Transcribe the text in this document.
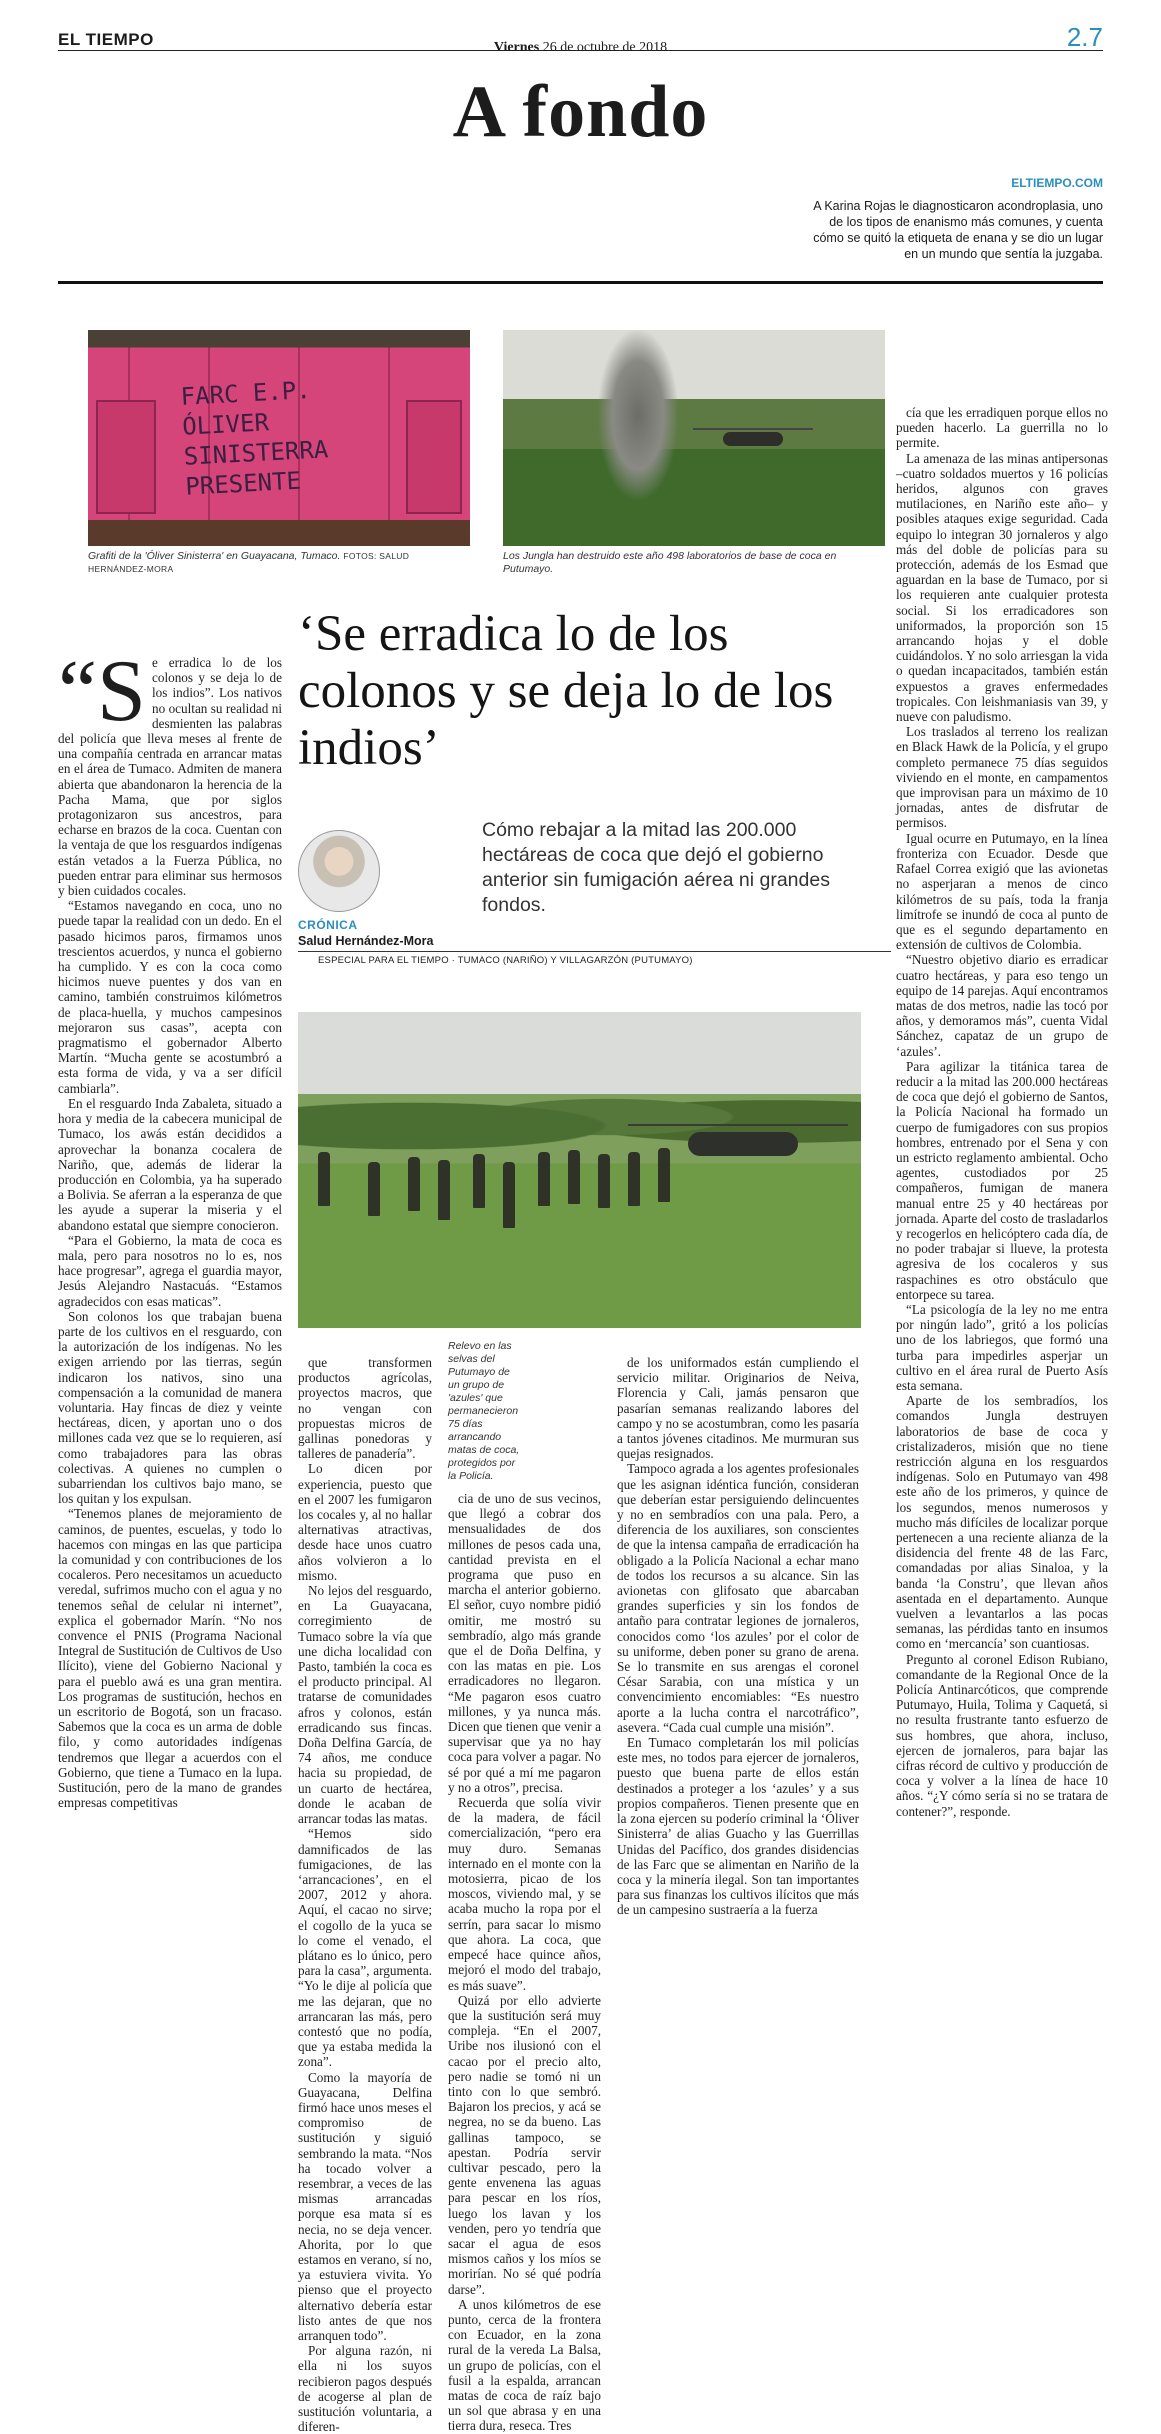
EL TIEMPO	Viernes 26 de octubre de 2018	2.7
A fondo
ELTIEMPO.COM
A Karina Rojas le diagnosticaron acondroplasia, uno de los tipos de enanismo más comunes, y cuenta cómo se quitó la etiqueta de enana y se dio un lugar en un mundo que sentía la juzgaba.
FARC E.P.
ÓLIVER
SINISTERRA
PRESENTE
Grafiti de la 'Óliver Sinisterra' en Guayacana, Tumaco. FOTOS: SALUD HERNÁNDEZ-MORA
Los Jungla han destruido este año 498 laboratorios de base de coca en Putumayo.
‘Se erradica lo de los colonos y se deja lo de los indios’
Cómo rebajar a la mitad las 200.000 hectáreas de coca que dejó el gobierno anterior sin fumigación aérea ni grandes fondos.
CRÓNICA
Salud Hernández-Mora
ESPECIAL PARA EL TIEMPO · TUMACO (NARIÑO) Y VILLAGARZÓN (PUTUMAYO)
“S e erradica lo de los colonos y se deja lo de los indios”. Los nativos no ocultan su realidad ni desmienten las palabras del policía que lleva meses al frente de una compañía centrada en arrancar matas en el área de Tumaco. Admiten de manera abierta que abandonaron la herencia de la Pacha Mama, que por siglos protagonizaron sus ancestros, para echarse en brazos de la coca. Cuentan con la ventaja de que los resguardos indígenas están vetados a la Fuerza Pública, no pueden entrar para eliminar sus hermosos y bien cuidados cocales.

“Estamos navegando en coca, uno no puede tapar la realidad con un dedo. En el pasado hicimos paros, firmamos unos trescientos acuerdos, y nunca el gobierno ha cumplido. Y es con la coca como hicimos nueve puentes y dos van en camino, también construimos kilómetros de placa-huella, y muchos campesinos mejoraron sus casas”, acepta con pragmatismo el gobernador Alberto Martín. “Mucha gente se acostumbró a esta forma de vida, y va a ser difícil cambiarla”.

En el resguardo Inda Zabaleta, situado a hora y media de la cabecera municipal de Tumaco, los awás están decididos a aprovechar la bonanza cocalera de Nariño, que, además de liderar la producción en Colombia, ya ha superado a Bolivia. Se aferran a la esperanza de que les ayude a superar la miseria y el abandono estatal que siempre conocieron.

“Para el Gobierno, la mata de coca es mala, pero para nosotros no lo es, nos hace progresar”, agrega el guardia mayor, Jesús Alejandro Nastacuás. “Estamos agradecidos con esas maticas”.

Son colonos los que trabajan buena parte de los cultivos en el resguardo, con la autorización de los indígenas. No les exigen arriendo por las tierras, según indicaron los nativos, sino una compensación a la comunidad de manera voluntaria. Hay fincas de diez y veinte hectáreas, dicen, y aportan uno o dos millones cada vez que se lo requieren, así como trabajadores para las obras colectivas. A quienes no cumplen o subarriendan los cultivos bajo mano, se los quitan y los expulsan.

“Tenemos planes de mejoramiento de caminos, de puentes, escuelas, y todo lo hacemos con mingas en las que participa la comunidad y con contribuciones de los cocaleros. Pero necesitamos un acueducto veredal, sufrimos mucho con el agua y no tenemos señal de celular ni internet”, explica el gobernador Marín. “No nos convence el PNIS (Programa Nacional Integral de Sustitución de Cultivos de Uso Ilícito), viene del Gobierno Nacional y para el pueblo awá es una gran mentira. Los programas de sustitución, hechos en un escritorio de Bogotá, son un fracaso. Sabemos que la coca es un arma de doble filo, y como autoridades indígenas tendremos que llegar a acuerdos con el Gobierno, que tiene a Tumaco en la lupa. Sustitución, pero de la mano de grandes empresas competitivas

que transformen productos agrícolas, proyectos macros, que no vengan con propuestas micros de gallinas ponedoras y talleres de panadería”.

Lo dicen por experiencia, puesto que en el 2007 les fumigaron los cocales y, al no hallar alternativas atractivas, desde hace unos cuatro años volvieron a lo mismo.

No lejos del resguardo, en La Guayacana, corregimiento de Tumaco sobre la vía que une dicha localidad con Pasto, también la coca es el producto principal. Al tratarse de comunidades afros y colonos, están erradicando sus fincas. Doña Delfina García, de 74 años, me conduce hacia su propiedad, de un cuarto de hectárea, donde le acaban de arrancar todas las matas.

“Hemos sido damnificados de las fumigaciones, de las ‘arrancaciones’, en el 2007, 2012 y ahora. Aquí, el cacao no sirve; el cogollo de la yuca se lo come el venado, el plátano es lo único, pero para la casa”, argumenta. “Yo le dije al policía que me las dejaran, que no arrancaran las más, pero contestó que no podía, que ya estaba medida la zona”.

Como la mayoría de Guayacana, Delfina firmó hace unos meses el compromiso de sustitución y siguió sembrando la mata. “Nos ha tocado volver a resembrar, a veces de las mismas arrancadas porque esa mata sí es necia, no se deja vencer. Ahorita, por lo que estamos en verano, sí no, ya estuviera vivita. Yo pienso que el proyecto alternativo debería estar listo antes de que nos arranquen todo”.

Por alguna razón, ni ella ni los suyos recibieron pagos después de acogerse al plan de sustitución voluntaria, a diferen-

Relevo en las selvas del Putumayo de un grupo de 'azules' que permanecieron 75 días arrancando matas de coca, protegidos por la Policía.

cia de uno de sus vecinos, que llegó a cobrar dos mensualidades de dos millones de pesos cada una, cantidad prevista en el programa que puso en marcha el anterior gobierno. El señor, cuyo nombre pidió omitir, me mostró su sembradío, algo más grande que el de Doña Delfina, y con las matas en pie. Los erradicadores no llegaron. “Me pagaron esos cuatro millones, y ya nunca más. Dicen que tienen que venir a supervisar que ya no hay coca para volver a pagar. No sé por qué a mí me pagaron y no a otros”, precisa.

Recuerda que solía vivir de la madera, de fácil comercialización, “pero era muy duro. Semanas internado en el monte con la motosierra, picao de los moscos, viviendo mal, y se acaba mucho la ropa por el serrín, para sacar lo mismo que ahora. La coca, que empecé hace quince años, mejoró el modo del trabajo, es más suave”.

Quizá por ello advierte que la sustitución será muy compleja. “En el 2007, Uribe nos ilusionó con el cacao por el precio alto, pero nadie se tomó ni un tinto con lo que sembró. Bajaron los precios, y acá se negrea, no se da bueno. Las gallinas tampoco, se apestan. Podría servir cultivar pescado, pero la gente envenena las aguas para pescar en los ríos, luego los lavan y los venden, pero yo tendría que sacar el agua de esos mismos caños y los míos se morirían. No sé qué podría darse”.

A unos kilómetros de ese punto, cerca de la frontera con Ecuador, en la zona rural de la vereda La Balsa, un grupo de policías, con el fusil a la espalda, arrancan matas de coca de raíz bajo un sol que abrasa y en una tierra dura, reseca. Tres

de los uniformados están cumpliendo el servicio militar. Originarios de Neiva, Florencia y Cali, jamás pensaron que pasarían semanas realizando labores del campo y no se acostumbran, como les pasaría a tantos jóvenes citadinos. Me murmuran sus quejas resignados.

Tampoco agrada a los agentes profesionales que les asignan idéntica función, consideran que deberían estar persiguiendo delincuentes y no en sembradíos con una pala. Pero, a diferencia de los auxiliares, son conscientes de que la intensa campaña de erradicación ha obligado a la Policía Nacional a echar mano de todos los recursos a su alcance. Sin las avionetas con glifosato que abarcaban grandes superficies y sin los fondos de antaño para contratar legiones de jornaleros, conocidos como ‘los azules’ por el color de su uniforme, deben poner su grano de arena. Se lo transmite en sus arengas el coronel César Sarabia, con una mística y un convencimiento encomiables: “Es nuestro aporte a la lucha contra el narcotráfico”, asevera. “Cada cual cumple una misión”.

En Tumaco completarán los mil policías este mes, no todos para ejercer de jornaleros, puesto que buena parte de ellos están destinados a proteger a los ‘azules’ y a sus propios compañeros. Tienen presente que en la zona ejercen su poderío criminal la ‘Óliver Sinisterra’ de alias Guacho y las Guerrillas Unidas del Pacífico, dos grandes disidencias de las Farc que se alimentan en Nariño de la coca y la minería ilegal. Son tan importantes para sus finanzas los cultivos ilícitos que más de un campesino sustraería a la fuerza

cía que les erradiquen porque ellos no pueden hacerlo. La guerrilla no lo permite.

La amenaza de las minas antipersonas –cuatro soldados muertos y 16 policías heridos, algunos con graves mutilaciones, en Nariño este año– y posibles ataques exige seguridad. Cada equipo lo integran 30 jornaleros y algo más del doble de policías para su protección, además de los Esmad que aguardan en la base de Tumaco, por si los requieren ante cualquier protesta social. Si los erradicadores son uniformados, la proporción son 15 arrancando hojas y el doble cuidándolos. Y no solo arriesgan la vida o quedan incapacitados, también están expuestos a graves enfermedades tropicales. Con leishmaniasis van 39, y nueve con paludismo.

Los traslados al terreno los realizan en Black Hawk de la Policía, y el grupo completo permanece 75 días seguidos viviendo en el monte, en campamentos que improvisan para un máximo de 10 jornadas, antes de disfrutar de permisos.

Igual ocurre en Putumayo, en la línea fronteriza con Ecuador. Desde que Rafael Correa exigió que las avionetas no asperjaran a menos de cinco kilómetros de su país, toda la franja limítrofe se inundó de coca al punto de que es el segundo departamento en extensión de cultivos de Colombia.

“Nuestro objetivo diario es erradicar cuatro hectáreas, y para eso tengo un equipo de 14 parejas. Aquí encontramos matas de dos metros, nadie las tocó por años, y demoramos más”, cuenta Vidal Sánchez, capataz de un grupo de ‘azules’.

Para agilizar la titánica tarea de reducir a la mitad las 200.000 hectáreas de coca que dejó el gobierno de Santos, la Policía Nacional ha formado un cuerpo de fumigadores con sus propios hombres, entrenado por el Sena y con un estricto reglamento ambiental. Ocho agentes, custodiados por 25 compañeros, fumigan de manera manual entre 25 y 40 hectáreas por jornada. Aparte del costo de trasladarlos y recogerlos en helicóptero cada día, de no poder trabajar si llueve, la protesta agresiva de los cocaleros y sus raspachines es otro obstáculo que entorpece su tarea.

“La psicología de la ley no me entra por ningún lado”, gritó a los policías uno de los labriegos, que formó una turba para impedirles asperjar un cultivo en el área rural de Puerto Asís esta semana.

Aparte de los sembradíos, los comandos Jungla destruyen laboratorios de base de coca y cristalizaderos, misión que no tiene restricción alguna en los resguardos indígenas. Solo en Putumayo van 498 este año de los primeros, y quince de los segundos, menos numerosos y mucho más difíciles de localizar porque pertenecen a una reciente alianza de la disidencia del frente 48 de las Farc, comandadas por alias Sinaloa, y la banda ‘la Constru’, que llevan años asentada en el departamento. Aunque vuelven a levantarlos a las pocas semanas, las pérdidas tanto en insumos como en ‘mercancía’ son cuantiosas.

Pregunto al coronel Edison Rubiano, comandante de la Regional Once de la Policía Antinarcóticos, que comprende Putumayo, Huila, Tolima y Caquetá, si no resulta frustrante tanto esfuerzo de sus hombres, que ahora, incluso, ejercen de jornaleros, para bajar las cifras récord de cultivo y producción de coca y volver a la línea de hace 10 años. “¿Y cómo sería si no se tratara de contener?”, responde.
